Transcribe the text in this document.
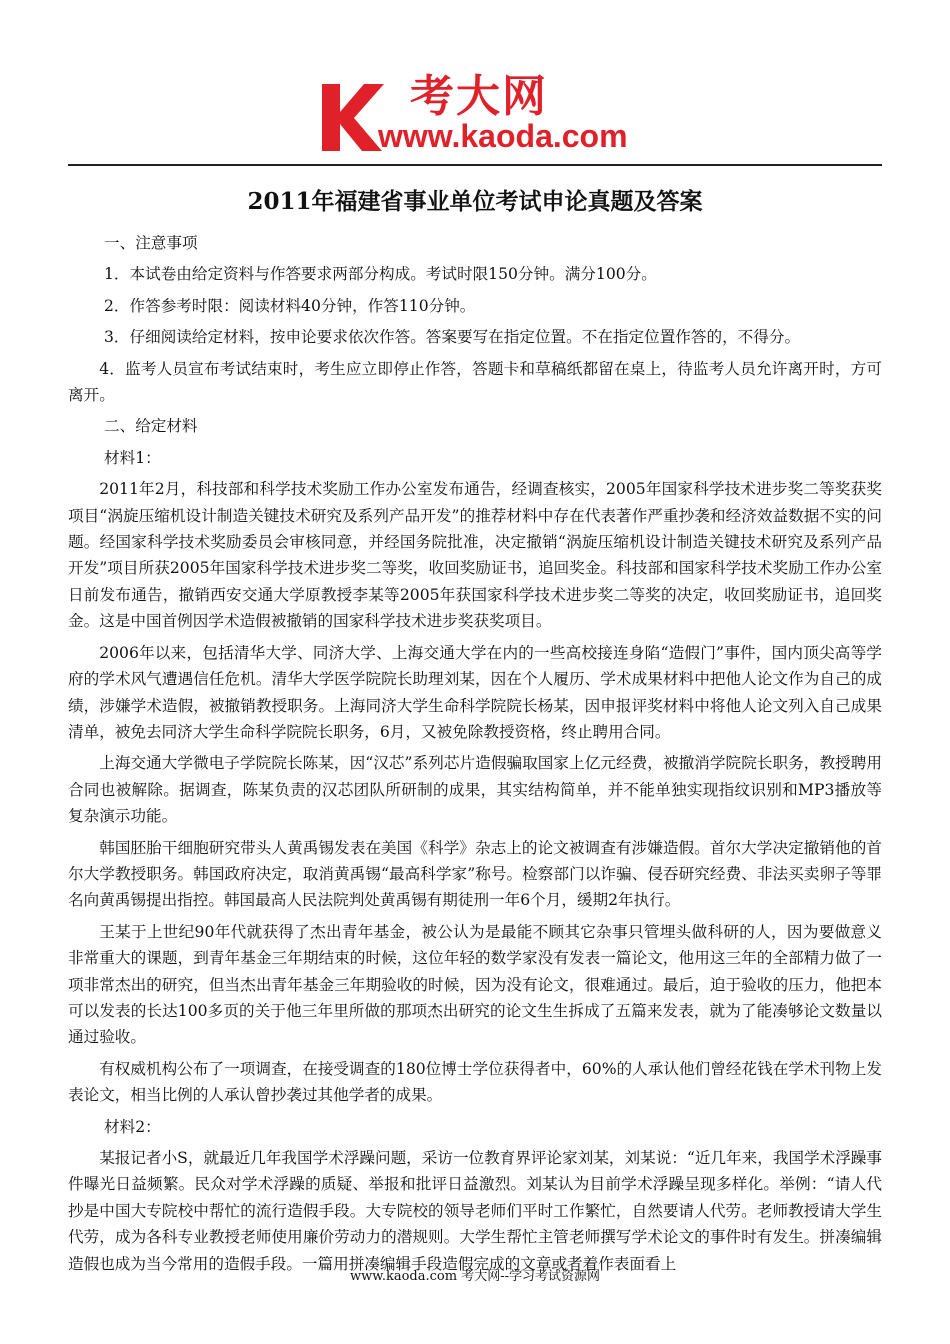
考大网
www.kaoda.com
2011年福建省事业单位考试申论真题及答案

一、注意事项

1．本试卷由给定资料与作答要求两部分构成。考试时限150分钟。满分100分。

2．作答参考时限：阅读材料40分钟，作答110分钟。

3．仔细阅读给定材料，按申论要求依次作答。答案要写在指定位置。不在指定位置作答的，不得分。

4．监考人员宣布考试结束时，考生应立即停止作答，答题卡和草稿纸都留在桌上，待监考人员允许离开时，方可离开。

二、给定材料

材料1：

2011年2月，科技部和科学技术奖励工作办公室发布通告，经调查核实，2005年国家科学技术进步奖二等奖获奖项目“涡旋压缩机设计制造关键技术研究及系列产品开发”的推荐材料中存在代表著作严重抄袭和经济效益数据不实的问题。经国家科学技术奖励委员会审核同意，并经国务院批准，决定撤销“涡旋压缩机设计制造关键技术研究及系列产品开发”项目所获2005年国家科学技术进步奖二等奖，收回奖励证书，追回奖金。科技部和国家科学技术奖励工作办公室日前发布通告，撤销西安交通大学原教授李某等2005年获国家科学技术进步奖二等奖的决定，收回奖励证书，追回奖金。这是中国首例因学术造假被撤销的国家科学技术进步奖获奖项目。

2006年以来，包括清华大学、同济大学、上海交通大学在内的一些高校接连身陷“造假门”事件，国内顶尖高等学府的学术风气遭遇信任危机。清华大学医学院院长助理刘某，因在个人履历、学术成果材料中把他人论文作为自己的成绩，涉嫌学术造假，被撤销教授职务。上海同济大学生命科学院院长杨某，因申报评奖材料中将他人论文列入自己成果清单，被免去同济大学生命科学院院长职务，6月，又被免除教授资格，终止聘用合同。

上海交通大学微电子学院院长陈某，因“汉芯”系列芯片造假骗取国家上亿元经费，被撤消学院院长职务，教授聘用合同也被解除。据调查，陈某负责的汉芯团队所研制的成果，其实结构简单，并不能单独实现指纹识别和MP3播放等复杂演示功能。

韩国胚胎干细胞研究带头人黄禹锡发表在美国《科学》杂志上的论文被调查有涉嫌造假。首尔大学决定撤销他的首尔大学教授职务。韩国政府决定，取消黄禹锡“最高科学家”称号。检察部门以诈骗、侵吞研究经费、非法买卖卵子等罪名向黄禹锡提出指控。韩国最高人民法院判处黄禹锡有期徒刑一年6个月，缓期2年执行。

王某于上世纪90年代就获得了杰出青年基金，被公认为是最能不顾其它杂事只管埋头做科研的人，因为要做意义非常重大的课题，到青年基金三年期结束的时候，这位年轻的数学家没有发表一篇论文，他用这三年的全部精力做了一项非常杰出的研究，但当杰出青年基金三年期验收的时候，因为没有论文，很难通过。最后，迫于验收的压力，他把本可以发表的长达100多页的关于他三年里所做的那项杰出研究的论文生生拆成了五篇来发表，就为了能凑够论文数量以通过验收。

有权威机构公布了一项调查，在接受调查的180位博士学位获得者中，60%的人承认他们曾经花钱在学术刊物上发表论文，相当比例的人承认曾抄袭过其他学者的成果。

材料2：

某报记者小S，就最近几年我国学术浮躁问题，采访一位教育界评论家刘某，刘某说：“近几年来，我国学术浮躁事件曝光日益频繁。民众对学术浮躁的质疑、举报和批评日益激烈。刘某认为目前学术浮躁呈现多样化。举例：“请人代抄是中国大专院校中帮忙的流行造假手段。大专院校的领导老师们平时工作繁忙，自然要请人代劳。老师教授请大学生代劳，成为各科专业教授老师使用廉价劳动力的潜规则。大学生帮忙主管老师撰写学术论文的事件时有发生。拼凑编辑造假也成为当今常用的造假手段。一篇用拼凑编辑手段造假完成的文章或者着作表面看上

www.kaoda.com 考大网--学习考试资源网
